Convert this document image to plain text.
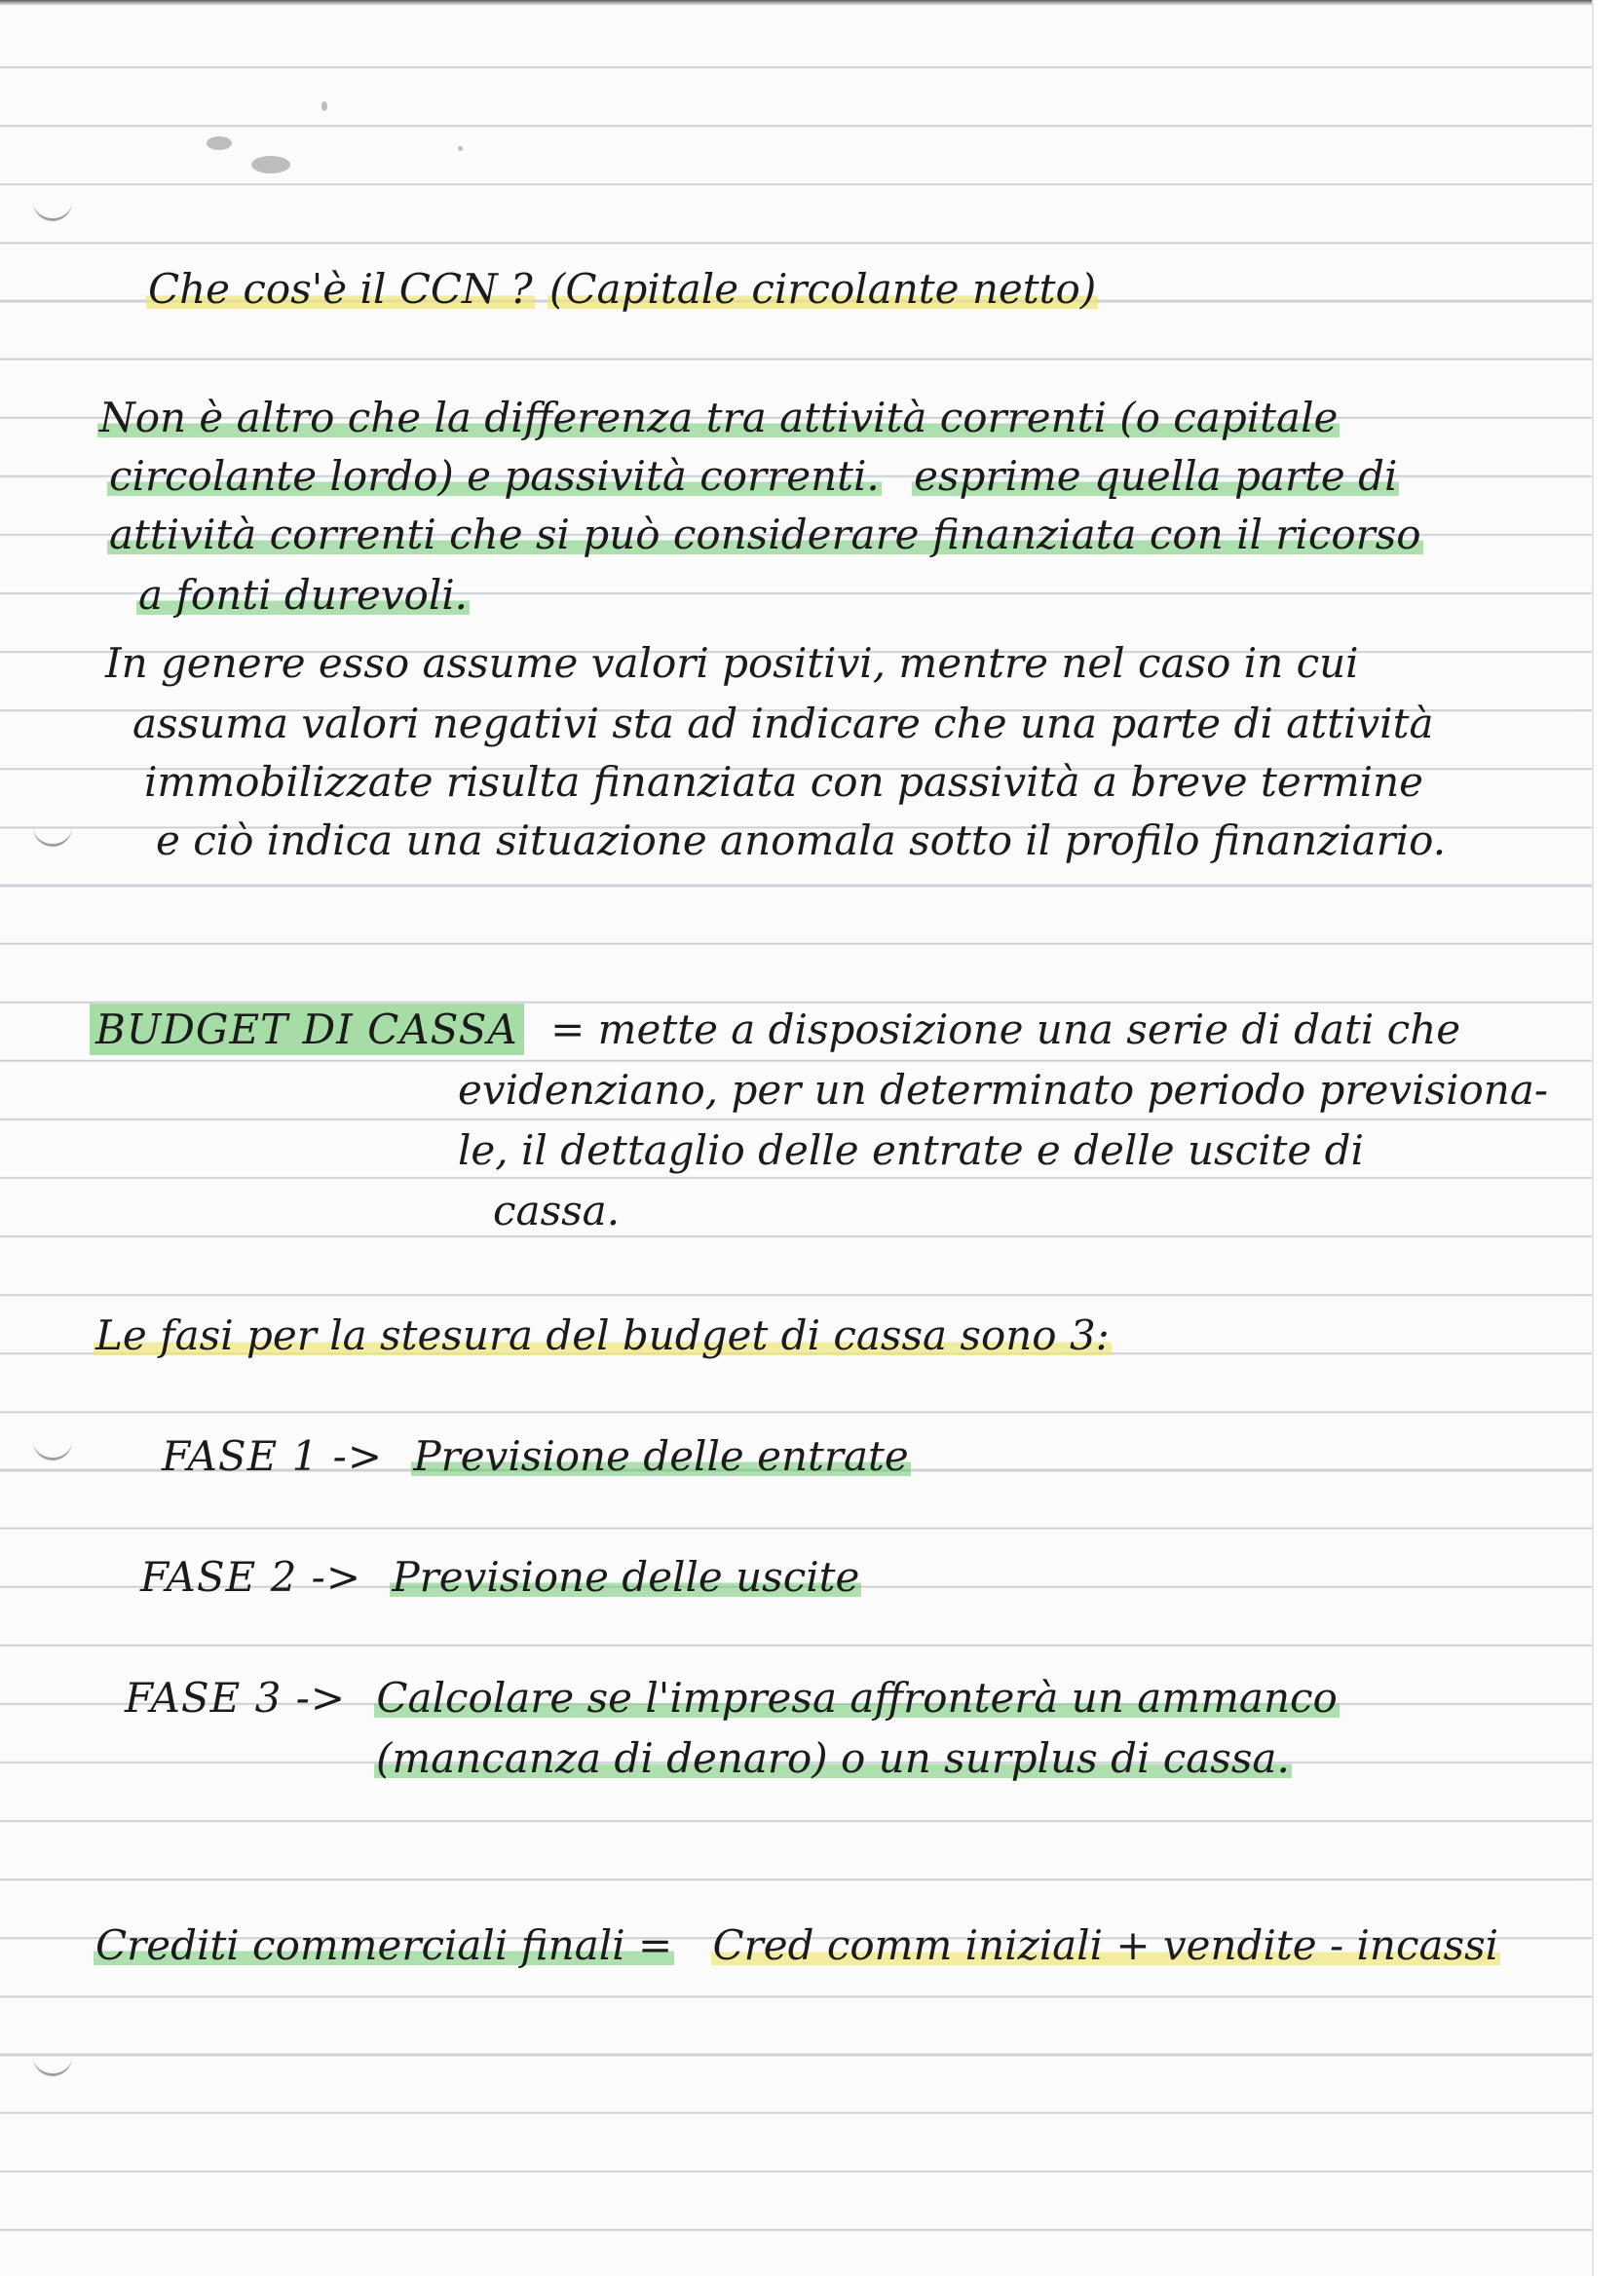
Che cos'è il CCN ? (Capitale circolante netto)
Non è altro che la differenza tra attività correnti (o capitale
circolante lordo) e passività correnti. esprime quella parte di
attività correnti che si può considerare finanziata con il ricorso
a fonti durevoli.
In genere esso assume valori positivi, mentre nel caso in cui
assuma valori negativi sta ad indicare che una parte di attività
immobilizzate risulta finanziata con passività a breve termine
e ciò indica una situazione anomala sotto il profilo finanziario.
BUDGET DI CASSA = mette a disposizione una serie di dati che
evidenziano, per un determinato periodo previsiona-
le, il dettaglio delle entrate e delle uscite di
cassa.
Le fasi per la stesura del budget di cassa sono 3:
FASE 1 -> Previsione delle entrate
FASE 2 -> Previsione delle uscite
FASE 3 -> Calcolare se l'impresa affronterà un ammanco
(mancanza di denaro) o un surplus di cassa.
Crediti commerciali finali = Cred comm iniziali + vendite - incassi
